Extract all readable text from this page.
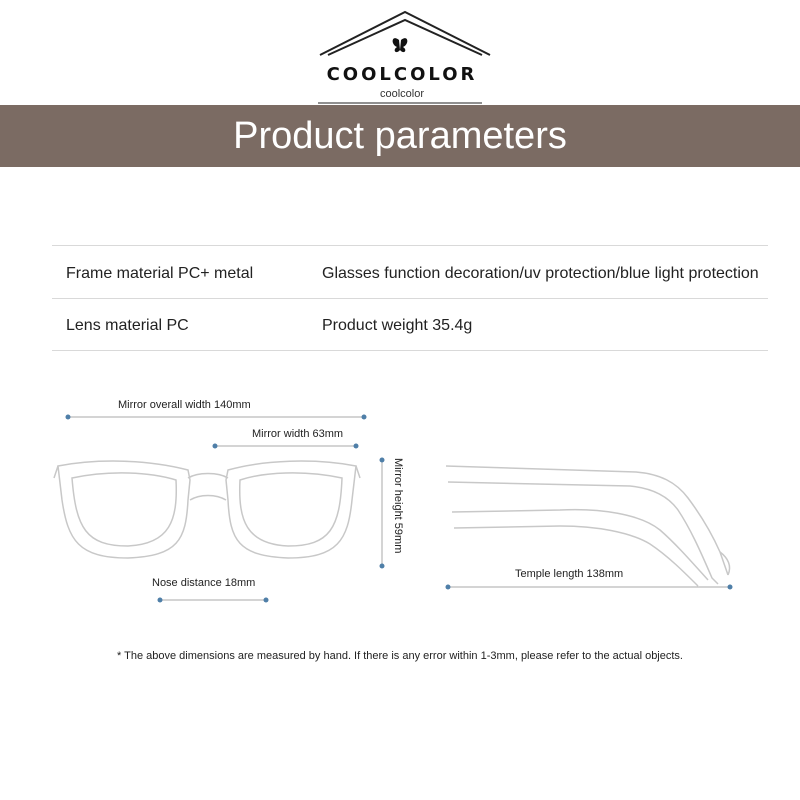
COOLCOLOR
coolcolor
Product parameters
Frame material PC+ metal	Glasses function decoration/uv protection/blue light protection
Lens material PC	Product weight 35.4g
Mirror overall width 140mm
Mirror width 63mm
Mirror height 59mm
Nose distance 18mm
Temple length 138mm
* The above dimensions are measured by hand. If there is any error within 1-3mm, please refer to the actual objects.
